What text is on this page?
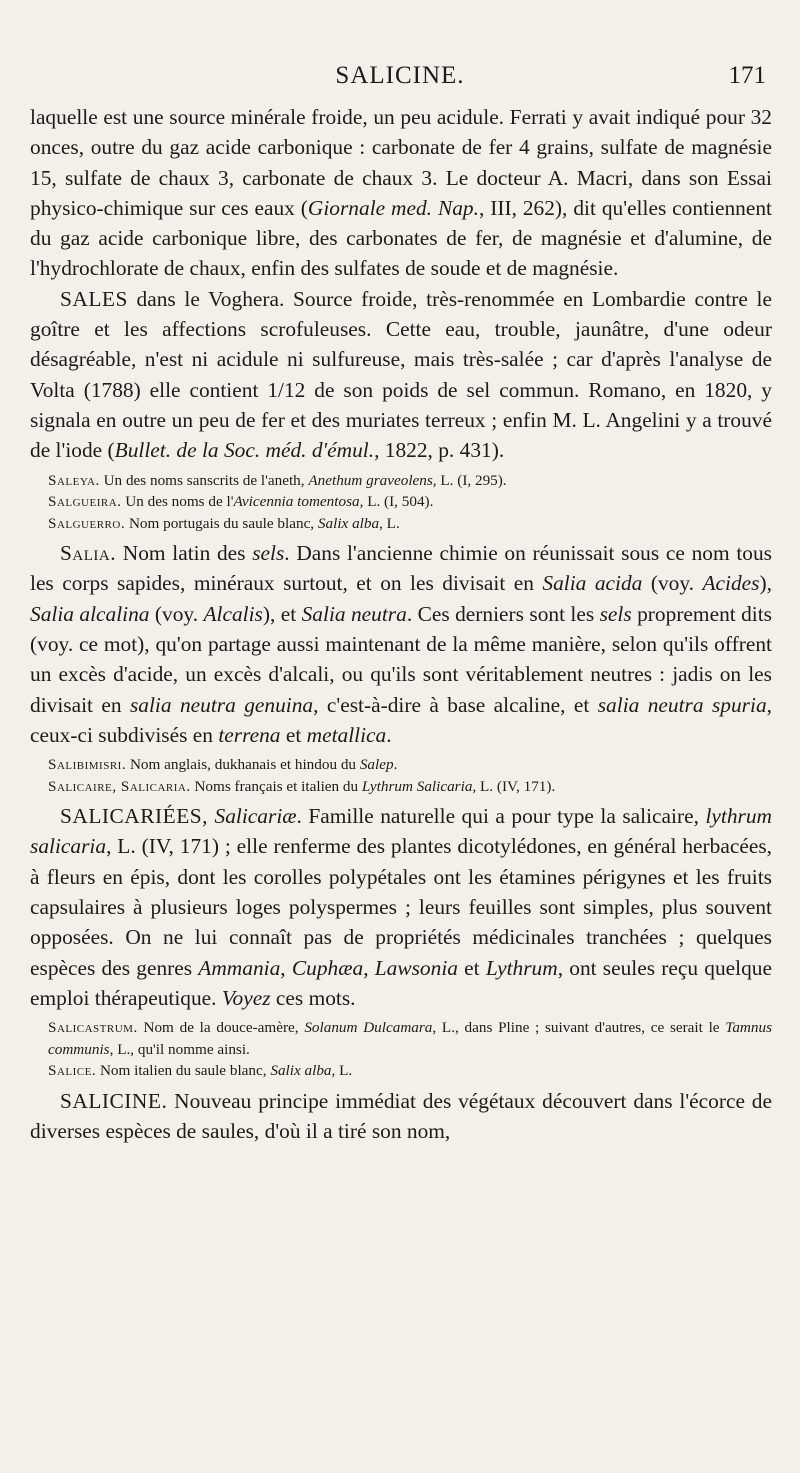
SALICINE.	171

laquelle est une source minérale froide, un peu acidule. Ferrati y avait indiqué pour 32 onces, outre du gaz acide carbonique : carbonate de fer 4 grains, sulfate de magnésie 15, sulfate de chaux 3, carbonate de chaux 3. Le docteur A. Macri, dans son Essai physico-chimique sur ces eaux (Giornale med. Nap., III, 262), dit qu'elles contiennent du gaz acide carbonique libre, des carbonates de fer, de magnésie et d'alumine, de l'hydrochlorate de chaux, enfin des sulfates de soude et de magnésie.

SALES dans le Voghera. Source froide, très-renommée en Lombardie contre le goître et les affections scrofuleuses. Cette eau, trouble, jaunâtre, d'une odeur désagréable, n'est ni acidule ni sulfureuse, mais très-salée ; car d'après l'analyse de Volta (1788) elle contient 1/12 de son poids de sel commun. Romano, en 1820, y signala en outre un peu de fer et des muriates terreux ; enfin M. L. Angelini y a trouvé de l'iode (Bullet. de la Soc. méd. d'émul., 1822, p. 431).

Saleya. Un des noms sanscrits de l'aneth, Anethum graveolens, L. (I, 295).

Salgueira. Un des noms de l'Avicennia tomentosa, L. (I, 504).

Salguerro. Nom portugais du saule blanc, Salix alba, L.

Salia. Nom latin des sels. Dans l'ancienne chimie on réunissait sous ce nom tous les corps sapides, minéraux surtout, et on les divisait en Salia acida (voy. Acides), Salia alcalina (voy. Alcalis), et Salia neutra. Ces derniers sont les sels proprement dits (voy. ce mot), qu'on partage aussi maintenant de la même manière, selon qu'ils offrent un excès d'acide, un excès d'alcali, ou qu'ils sont véritablement neutres : jadis on les divisait en salia neutra genuina, c'est-à-dire à base alcaline, et salia neutra spuria, ceux-ci subdivisés en terrena et metallica.

Salibimisri. Nom anglais, dukhanais et hindou du Salep.

Salicaire, Salicaria. Noms français et italien du Lythrum Salicaria, L. (IV, 171).

SALICARIÉES, Salicariæ. Famille naturelle qui a pour type la salicaire, lythrum salicaria, L. (IV, 171) ; elle renferme des plantes dicotylédones, en général herbacées, à fleurs en épis, dont les corolles polypétales ont les étamines périgynes et les fruits capsulaires à plusieurs loges polyspermes ; leurs feuilles sont simples, plus souvent opposées. On ne lui connaît pas de propriétés médicinales tranchées ; quelques espèces des genres Ammania, Cuphæa, Lawsonia et Lythrum, ont seules reçu quelque emploi thérapeutique. Voyez ces mots.

Salicastrum. Nom de la douce-amère, Solanum Dulcamara, L., dans Pline ; suivant d'autres, ce serait le Tamnus communis, L., qu'il nomme ainsi.

Salice. Nom italien du saule blanc, Salix alba, L.

SALICINE. Nouveau principe immédiat des végétaux découvert dans l'écorce de diverses espèces de saules, d'où il a tiré son nom,
